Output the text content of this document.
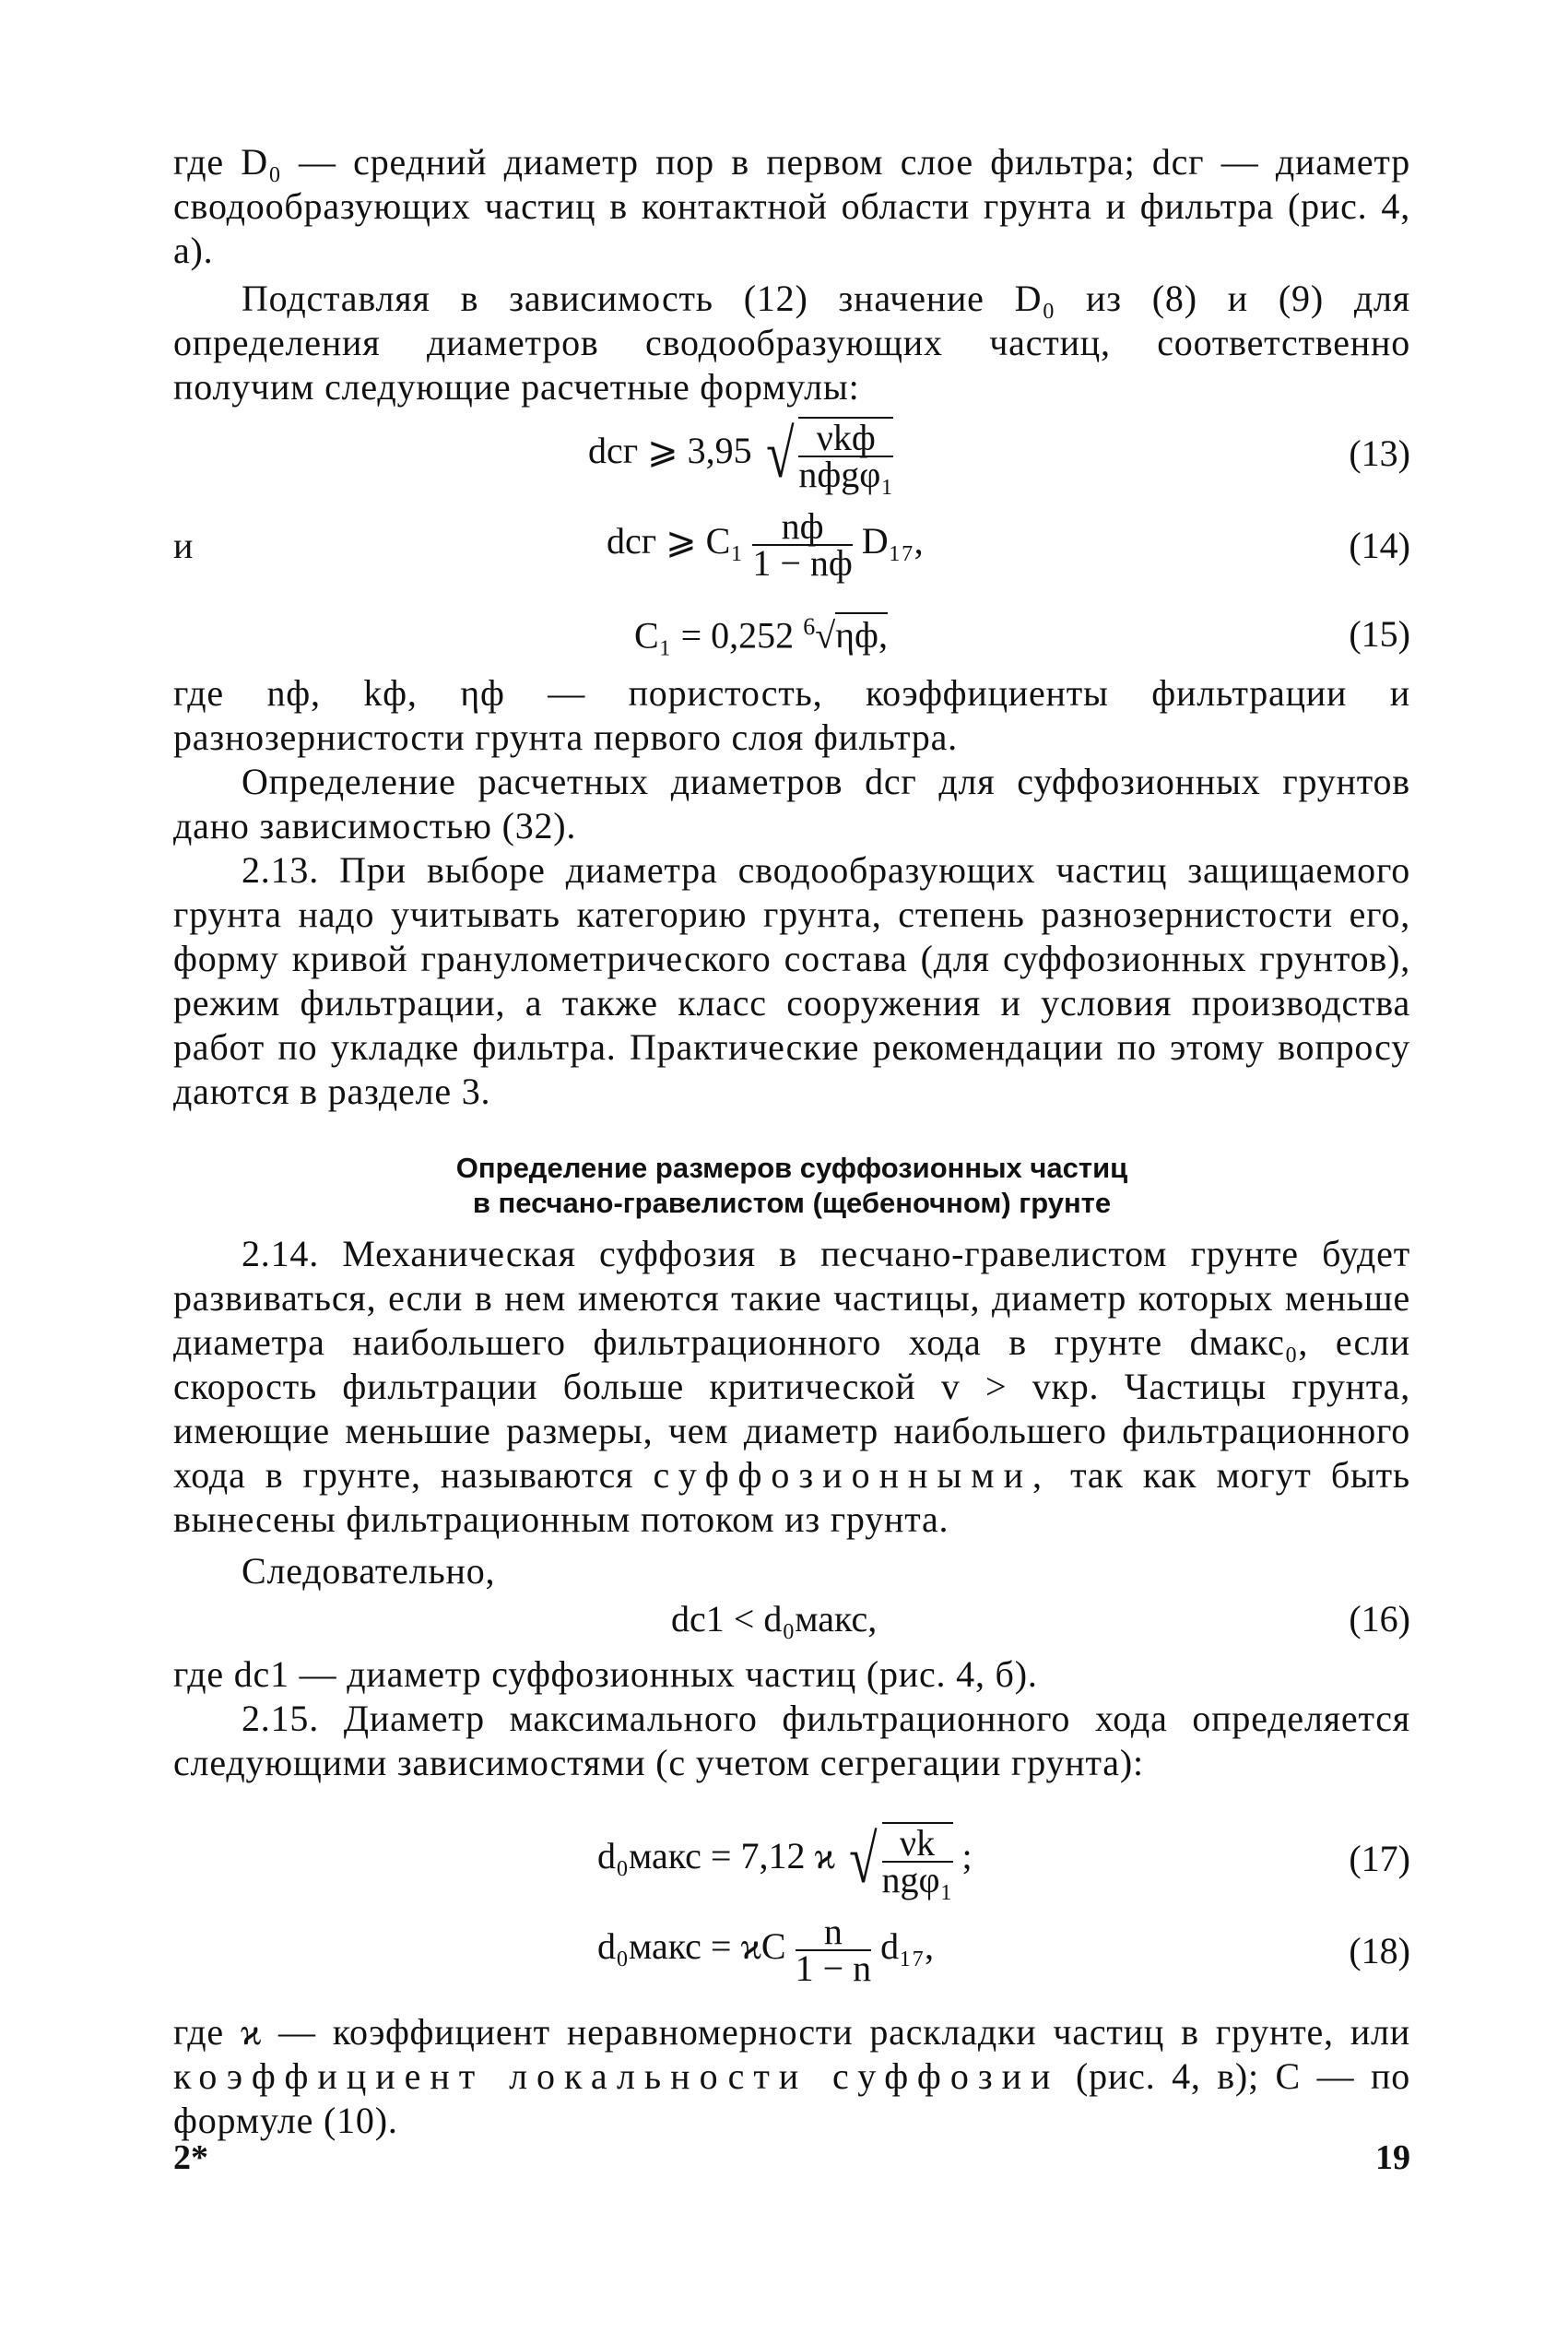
где D₀ — средний диаметр пор в первом слое фильтра; dсг — диаметр сводообразующих частиц в контактной области грунта и фильтра (рис. 4, а).

Подставляя в зависимость (12) значение D₀ из (8) и (9) для определения диаметров сводообразующих частиц, соответственно получим следующие расчетные формулы:

dсг ⩾ 3,95 √ $\frac{\text{νkф}}{\text{nфgφ₁}}$	(13)
и	dсг ⩾ $C_1 \frac{nф}{1 - nф} D_{17}$,	(14)
C₁ = 0,252 $^6$√ηф,	(15)

где nф, kф, ηф — пористость, коэффициенты фильтрации и разнозернистости грунта первого слоя фильтра.

Определение расчетных диаметров dсг для суффозионных грунтов дано зависимостью (32).

2.13. При выборе диаметра сводообразующих частиц защищаемого грунта надо учитывать категорию грунта, степень разнозернистости его, форму кривой гранулометрического состава (для суффозионных грунтов), режим фильтрации, а также класс сооружения и условия производства работ по укладке фильтра. Практические рекомендации по этому вопросу даются в разделе 3.

Определение размеров суффозионных частиц
в песчано-гравелистом (щебеночном) грунте

2.14. Механическая суффозия в песчано-гравелистом грунте будет развиваться, если в нем имеются такие частицы, диаметр которых меньше диаметра наибольшего фильтрационного хода в грунте dмакс₀, если скорость фильтрации больше критической v > vкр. Частицы грунта, имеющие меньшие размеры, чем диаметр наибольшего фильтрационного хода в грунте, называются суффозионными, так как могут быть вынесены фильтрационным потоком из грунта.

Следовательно,

dс1 < d₀макс,	(16)

где dс1 — диаметр суффозионных частиц (рис. 4, б).

2.15. Диаметр максимального фильтрационного хода определяется следующими зависимостями (с учетом сегрегации грунта):

d₀макс = 7,12 ϰ √ $\frac{\nu k}{\text{ngφ₁}}$ ;	(17)
d₀макс = ϰC $\frac{n}{1 - n} d_{17}$,	(18)

где ϰ — коэффициент неравномерности раскладки частиц в грунте, или коэффициент локальности суффозии (рис. 4, в); C — по формуле (10).

2*	19
